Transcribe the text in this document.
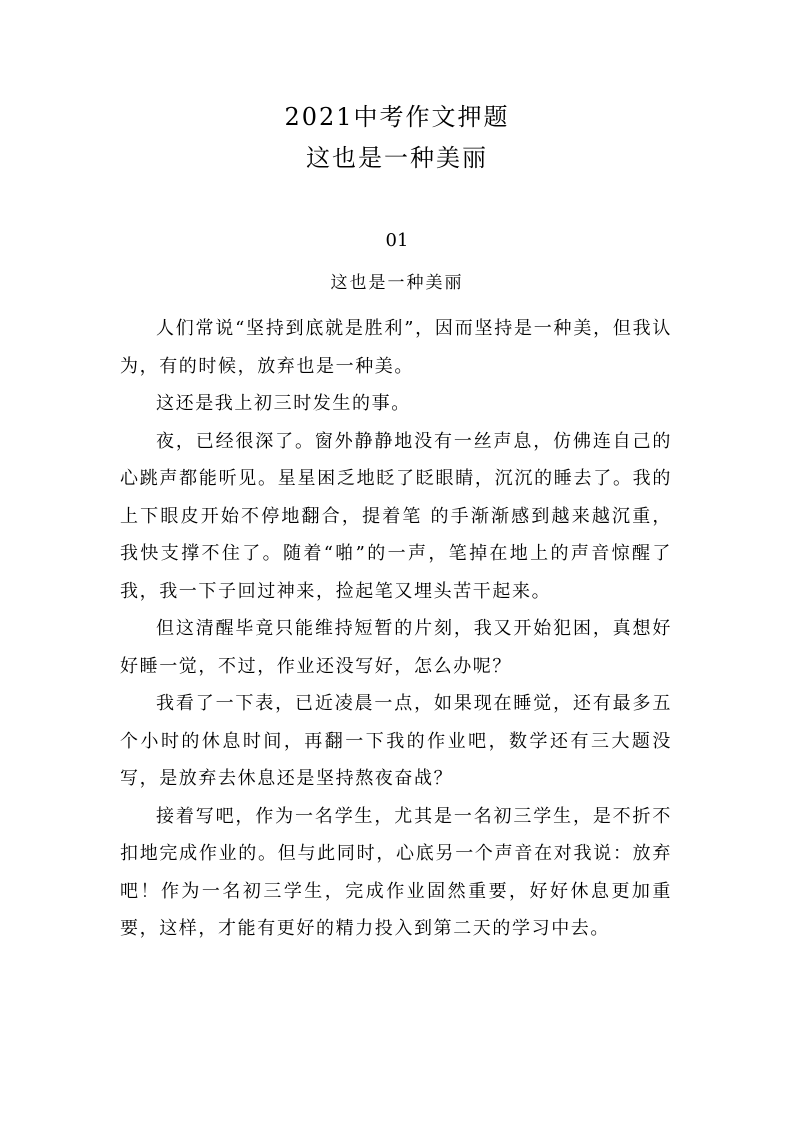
2021中考作文押题
这也是一种美丽
01
这也是一种美丽

人们常说“坚持到底就是胜利”，因而坚持是一种美，但我认为，有的时候，放弃也是一种美。

这还是我上初三时发生的事。

夜，已经很深了。窗外静静地没有一丝声息，仿佛连自己的心跳声都能听见。星星困乏地眨了眨眼睛，沉沉的睡去了。我的上下眼皮开始不停地翻合，提着笔 的手渐渐感到越来越沉重，我快支撑不住了。随着“啪”的一声，笔掉在地上的声音惊醒了我，我一下子回过神来，捡起笔又埋头苦干起来。

但这清醒毕竟只能维持短暂的片刻，我又开始犯困，真想好好睡一觉，不过，作业还没写好，怎么办呢？

我看了一下表，已近凌晨一点，如果现在睡觉，还有最多五个小时的休息时间，再翻一下我的作业吧，数学还有三大题没写，是放弃去休息还是坚持熬夜奋战？

接着写吧，作为一名学生，尤其是一名初三学生，是不折不扣地完成作业的。但与此同时，心底另一个声音在对我说：放弃吧！作为一名初三学生，完成作业固然重要，好好休息更加重要，这样，才能有更好的精力投入到第二天的学习中去。
